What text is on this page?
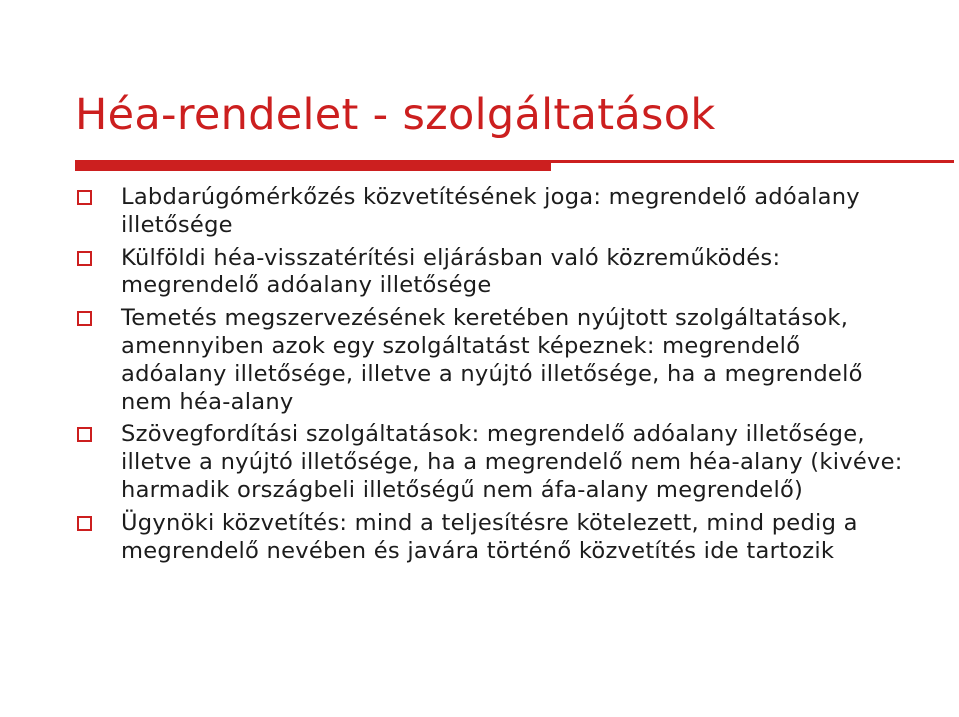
Héa-rendelet - szolgáltatások
Labdarúgómérkőzés közvetítésének joga: megrendelő adóalany illetősége
Külföldi héa-visszatérítési eljárásban való közreműködés: megrendelő adóalany illetősége
Temetés megszervezésének keretében nyújtott szolgáltatások, amennyiben azok egy szolgáltatást képeznek: megrendelő adóalany illetősége, illetve a nyújtó illetősége, ha a megrendelő nem héa-alany
Szövegfordítási szolgáltatások: megrendelő adóalany illetősége, illetve a nyújtó illetősége, ha a megrendelő nem héa-alany (kivéve: harmadik országbeli illetőségű nem áfa-alany megrendelő)
Ügynöki közvetítés: mind a teljesítésre kötelezett, mind pedig a megrendelő nevében és javára történő közvetítés ide tartozik
